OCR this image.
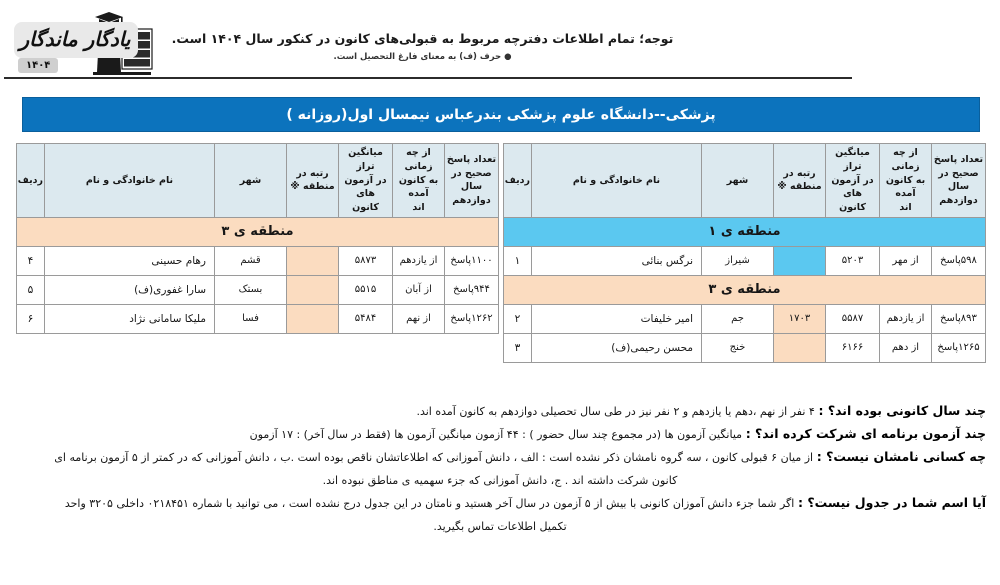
توجه؛ تمام اطلاعات دفترچه مربوط به قبولی‌های کانون در کنکور سال ۱۴۰۴ است.
● حرف (ف) به معنای فارغ التحصیل است.
یادگار ماندگار
۱۴۰۴
پزشکی--دانشگاه علوم پزشکی بندرعباس نیمسال اول(روزانه )
تعداد پاسخ
صحیح در سال
دوازدهم

از چه زمانی
به کانون آمده
اند

میانگین تراز
در آزمون های
کانون

رتبه در
منطقه ※
	شهر	نام خانوادگی و نام	ردیف
منطقه ی ۱						
۵۹۸پاسخ	از مهر	۵۲۰۳		شیراز	نرگس بنائی	۱
منطقه ی ۳						
۸۹۳پاسخ	از یازدهم	۵۵۸۷	۱۷۰۳	جم	امیر خلیفات	۲
۱۲۶۵پاسخ	از دهم	۶۱۶۶		خنج	محسن رحیمی(ف)	۳
تعداد پاسخ
صحیح در سال
دوازدهم

از چه زمانی
به کانون آمده
اند

میانگین تراز
در آزمون های
کانون

رتبه در
منطقه ※
	شهر	نام خانوادگی و نام	ردیف
منطقه ی ۳						
۱۱۰۰پاسخ	از یازدهم	۵۸۷۳		قشم	رهام حسینی	۴
۹۴۴پاسخ	از آبان	۵۵۱۵		بستک	سارا غفوری(ف)	۵
۱۲۶۲پاسخ	از نهم	۵۴۸۴		فسا	ملیکا سامانی نژاد	۶
چند سال کانونی بوده اند؟ : ۴ نفر از نهم ،دهم یا یازدهم و ۲ نفر نیز در طی سال تحصیلی دوازدهم به کانون آمده اند.
چند آزمون برنامه ای شرکت کرده اند؟ : میانگین آزمون ها (در مجموع چند سال حضور ) : ۴۴ آزمون میانگین آزمون ها (فقط در سال آخر) : ۱۷ آزمون
چه کسانی نامشان نیست؟ : از میان ۶ قبولی کانون ، سه گروه نامشان ذکر نشده است : الف ، دانش آموزانی که اطلاعاتشان ناقص بوده است .ب ، دانش آموزانی که در کمتر از ۵ آزمون برنامه ای
کانون شرکت داشته اند . ج، دانش آموزانی که جزء سهمیه ی مناطق نبوده اند.
آیا اسم شما در جدول نیست؟ : اگر شما جزء دانش آموزان کانونی با بیش از ۵ آزمون در سال آخر هستید و نامتان در این جدول درج نشده است ، می توانید با شماره ۰۲۱۸۴۵۱ داخلی ۳۲۰۵ واحد
تکمیل اطلاعات تماس بگیرید.
